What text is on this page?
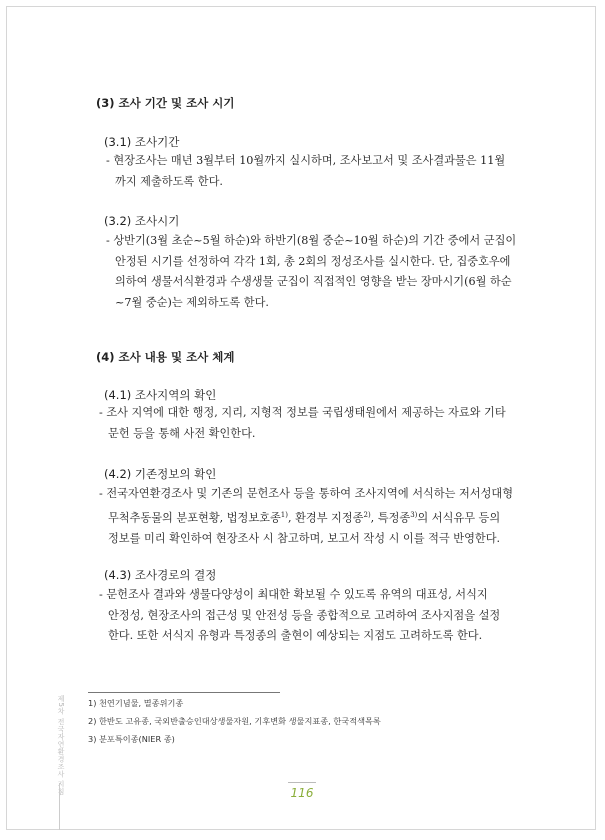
(3) 조사 기간 및 조사 시기
(3.1) 조사기간
- 현장조사는 매년 3월부터 10월까지 실시하며, 조사보고서 및 조사결과물은 11월
까지 제출하도록 한다.
(3.2) 조사시기
- 상반기(3월 초순~5월 하순)와 하반기(8월 중순~10월 하순)의 기간 중에서 군집이
안정된 시기를 선정하여 각각 1회, 총 2회의 정성조사를 실시한다. 단, 집중호우에
의하여 생물서식환경과 수생생물 군집이 직접적인 영향을 받는 장마시기(6월 하순
~7월 중순)는 제외하도록 한다.
(4) 조사 내용 및 조사 체계
(4.1) 조사지역의 확인
- 조사 지역에 대한 행정, 지리, 지형적 정보를 국립생태원에서 제공하는 자료와 기타
문헌 등을 통해 사전 확인한다.
(4.2) 기존정보의 확인
- 전국자연환경조사 및 기존의 문헌조사 등을 통하여 조사지역에 서식하는 저서성대형
무척추동물의 분포현황, 법정보호종$^{1)}$, 환경부 지정종$^{2)}$, 특정종$^{3)}$의 서식유무 등의
정보를 미리 확인하여 현장조사 시 참고하며, 보고서 작성 시 이를 적극 반영한다.
(4.3) 조사경로의 결정
- 문헌조사 결과와 생물다양성이 최대한 확보될 수 있도록 유역의 대표성, 서식지
안정성, 현장조사의 접근성 및 안전성 등을 종합적으로 고려하여 조사지점을 설정
한다. 또한 서식지 유형과 특정종의 출현이 예상되는 지점도 고려하도록 한다.
1) 천연기념물, 멸종위기종
2) 한반도 고유종, 국외반출승인대상생물자원, 기후변화 생물지표종, 한국적색목록
3) 분포특이종(NIER 종)
제5차 전국자연환경조사 지침	116
